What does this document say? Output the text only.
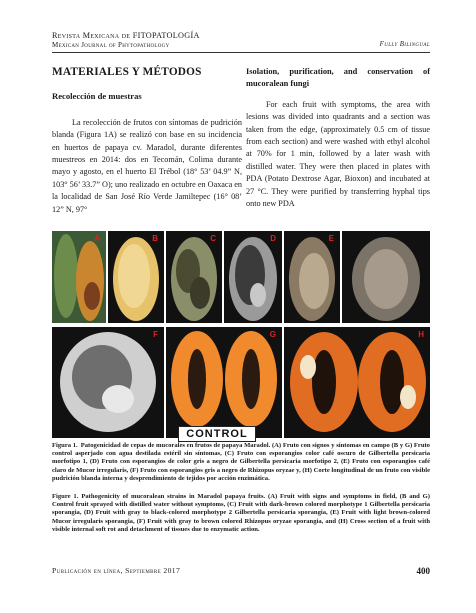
Revista Mexicana de FITOPATOLOGÍA
Mexican Journal of Phytopathology	Fully Bilingual
MATERIALES Y MÉTODOS
Recolección de muestras

La recolección de frutos con síntomas de pudrición blanda (Figura 1A) se realizó con base en su incidencia en huertos de papaya cv. Maradol, durante diferentes muestreos en 2014: dos en Tecomán, Colima durante mayo y agosto, en el huerto El Trébol (18° 53’ 04.9” N, 103° 56’ 33.7” O); uno realizado en octubre en Oaxaca en la localidad de San José Río Verde Jamiltepec (16° 08’ 12” N, 97°

Isolation, purification, and conservation of mucoralean fungi

For each fruit with symptoms, the area with lesions was divided into quadrants and a section was taken from the edge, (approximately 0.5 cm of tissue from each section) and were washed with ethyl alcohol at 70% for 1 min, followed by a later wash with distilled water. They were then placed in plates with PDA (Potato Dextrose Agar, Bioxon) and incubated at 27 °C. They were purified by transferring hyphal tips onto new PDA

A	B	C	D	E
F	G	H
CONTROL
Figura 1. Patogenicidad de cepas de mucorales en frutos de papaya Maradol. (A) Fruto con signos y síntomas en campo (B y G) Fruto control asperjado con agua destilada estéril sin síntomas, (C) Fruto con esporangios color café oscuro de Gilbertella persicaria morfotipo 1, (D) Fruto con esporangios de color gris a negro de Gilbertella persicaria morfotipo 2, (E) Fruto con esporangios café claro de Mucor irregularis, (F) Fruto con esporangios gris a negro de Rhizopus oryzae y, (H) Corte longitudinal de un fruto con visible pudrición blanda interna y desprendimiento de tejidos por acción enzimática.
Figure 1. Pathogenicity of mucoralean strains in Maradol papaya fruits. (A) Fruit with signs and symptoms in field, (B and G) Control fruit sprayed with distilled water without symptoms, (C) Fruit with dark-brown colored morphotype 1 Gilbertella persicaria sporangia, (D) Fruit with gray to black-colored morphotype 2 Gilbertella persicaria sporangia, (E) Fruit with light brown-colored Mucor irregularis sporangia, (F) Fruit with gray to brown colored Rhizopus oryzae sporangia, and (H) Cross section of a fruit with visible internal soft rot and detachment of tissues due to enzymatic action.
Publicación en línea, Septiembre 2017	400
